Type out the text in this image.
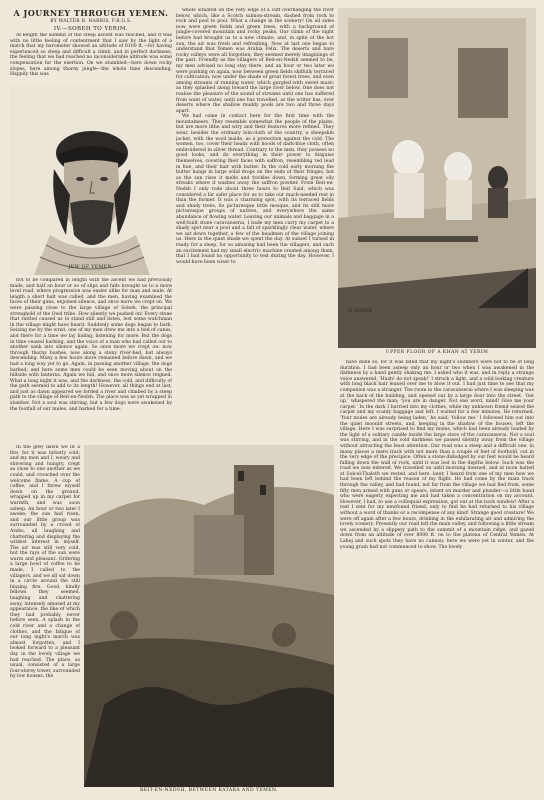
A JOURNEY THROUGH YEMEN.
BY WALTER B. HARRIS, F.R.G.S.
IV.—SOBEH TO YERIM.

At length the summit of the steep ascent was reached, and it was with no little feeling of contentment that I saw by the light of a match that my barometer showed an altitude of 8100 ft.—for having experienced so steep and difficult a climb, and in perfect darkness, the feeling that we had reached no inconsiderable altitude was some compensation for the exertion. On we stumbled—here down rocky slopes, here among thorny jungle—the whole time descending. Happily this was

JEW OF YEMEN.

not to be compared in length with the ascent we had previously made, and half an hour or so of slips and falls brought us to a more level road, where progression was easier alike for man and mule. At length a short halt was called, and the men, having examined the faces of their guns, enjoined silence, and once more we crept on. We were passing close to the large village of Sobeh, the principal stronghold of the Owd tribe. How silently we pushed on! Every stone that rattled caused us to stand still and listen, lest some watchman in the village might have heard. Suddenly some dogs began to bark. Seizing me by the wrist, one of my men drew me into a bed of canes, and there for a time we lay hiding, listening for more. But the dogs in time ceased barking, and the voice of a man who had called out to another sank into silence again. So once more we crept on: now through thorny bushes, now along a stony river-bed, but always descending. Many a few hours more remained before dawn, and we had a long way yet to go. Again, in passing another village, the dogs barked; and here some men could be seen moving about on the hillside with lanterns. Again we hid, and once more silence reigned. What a long night it was, and the darkness, the cold, and difficulty of the path seemed to add to its length! However, all things end at last, and just as dawn appeared we forded a river and climbed by a steep path to the village of Beit-en-Nedsh. The place was as yet wrapped in slumber. Not a soul was stirring, but a few dogs were awakened by the footfall of our mules, and barked for a time.

In the grey dawn we lit a fire, for it was bitterly cold; and my men and I, weary and shivering and hungry, crept as close to one another as we could, and crouched over the welcome flame. A cup of coffee, and I threw myself down on the ground, wrapped up in my carpet for warmth, and was soon asleep. An hour or two later I awoke; the sun had risen, and our little group was surrounded by a crowd of Arabs, all laughing and chattering and displaying the wildest interest in myself. The air was still very cold, but the rays of the sun were warm and pleasant. Ordering a large bowl of coffee to be made, I called to the villagers, and we all sat down in a circle around the still blazing fire. Good, kindly fellows they seemed, laughing and chattering away, intensely amused at my appearance, the like of which they had probably never before seen. A splash in the cold river and a change of clothes, and the fatigue of our long night's march was almost forgotten, and I looked forward to a pleasant day in the lovely village we had reached. The place, as usual, consisted of a large four-storey tower, surrounded by low houses, the

whole situated on the very edge of a cliff overhanging the river below, which, like a Scotch salmon-stream, dashed from rock to rock and pool to pool. What a change in the scenery! On all sides now were green fields and green trees, with a background of jungle-covered mountain and rocky peaks. Our climb of the night before had brought us to a new climate, and, in spite of the hot sun, the air was fresh and refreshing. Now at last one began to understand that Yemen was Arabia Felix. The deserts and bare rocky valleys were all forgotten; they seemed merely imaginings of the past. Friendly as the villagers of Beit-en-Nedsh seemed to be, my men advised no long stay there, and an hour or two later we were pushing on again, now between green fields skilfully terraced for cultivation, now under the shade of great forest trees, and even among streams of running water, which gurgled with sweet music as they splashed along toward the large river below. One does not realise the pleasure of the sound of streams until one has suffered from want of water, until one has travelled, as the writer has, over deserts where the shallow muddy pools are two and three days apart.

We had come in contact here for the first time with the mountaineers. They resemble somewhat the people of the plains, but are more lithe and wiry and their features more refined. They wear, besides the ordinary loin-cloth of the country, a sheepskin jacket, with the wool inside, as a protection against the cold. The women, too, cover their heads with hoods of dark-blue cloth, often embroidered in silver thread. Contrary to the men, they possess no good looks, and do everything in their power to disguise themselves, covering their faces with saffron, resembling red lead in hue, and their hair with butter. In the cold early morning the butter hangs in large solid drops on the ends of their fringes, but as the sun rises it melts and trickles down, forming great oily streaks where it washes away the saffron powder. From Beit-en-Nedsh I only rode about three hours to Beit Said, which was considered a far safer place for us to take our much-needed rest in than the former. It was a charming spot, with its terraced fields and shady trees, its picturesque little mosque, and its still more picturesque groups of natives, and everywhere the same abundance of flowing water. Leaving our animals and baggage in a well-built stone caravanserai, I bade my men carry my carpet to a shady spot near a pool and a fall of sparklingly clear water, where we sat down together, a few of the headmen of the village joining us. Here in the quiet shade we spent the day. At sunset I turned in ready for a sleep, for so amusing had been the villagers, and such an excitement had my small electric machine created among them, that I had found no opportunity to rest during the day. However, I would have been wiser to

H.WHITE
UPPER FLOOR OF A KHAN AT YERIM

have done so, for it was fated that my night's slumbers were not to be of long duration. I had been asleep only an hour or two when I was awakened in the darkness by a hand gently shaking me. I asked who it was, and in reply a strange voice answered, 'Hush! do not speak!' I struck a light, and a wild-looking creature with long black hair leaned over me to blow it out. I had just time to see that my companion was a stranger. The room in the caravanserai where I was sleeping was at the back of the building, and opened out by a large door into the street. 'Get up,' whispered the man; 'you are in danger. Not one word, mind! Give me your carpet.' In the dark I hurried into my clothes, while my unknown friend seized the carpet and my scanty baggage and left. I waited for a few minutes. He returned. 'Your mules are already being laden,' he said; 'follow me.' I followed him out into the quiet moonlit streets, and, keeping in the shadow of the houses, left the village. Here I was surprised to find my mules, which had been already loaded by the light of a solitary candle inside the large store of the caravanserai. Not a soul was stirring, and in the cold darkness we passed silently away from the village without attracting the least attention. Our road was a steep and a difficult one, in many places a mere track with not more than a couple of feet of foothold, cut in the very edge of the precipice. Often a stone dislodged by our feet would be heard falling down the wall of rock, until it was lost in the depths below. Such was the road we now entered. We travelled on until morning dawned, and at noon halted at Sok-el-Thaloth we rested, and here, later, I heard from one of my men how we had been left behind the reason of my flight. He had come by the main track through the valley, and had found, not far from the village we had fled from, some fifty men armed with guns or spears, intent on murder and plunder—a little band who were eagerly expecting me and had taken a concentration on my account. However, I had, to use a colloquial expression, got out at the back window! After a rest I sent for my newfound friend, only to find he had returned to his village without a word of thanks or a recompense of any kind! Strange good creature! We were off again after a few hours, drinking in the exhilarating air and admiring the lovely scenery. Presently our road left the main valley, and following a little stream we ascended by a slippery path to the summit of a mountain ridge, and gazed down from an altitude of over 8000 ft. on to the plateau of Central Yemen. At Lahej and such spots they have no cannon; here we were yet in winter, and the young grain had not commenced to show. The lovely

BEIT-EN-NEDSH, BETWEEN KATABA AND YEMEN.
